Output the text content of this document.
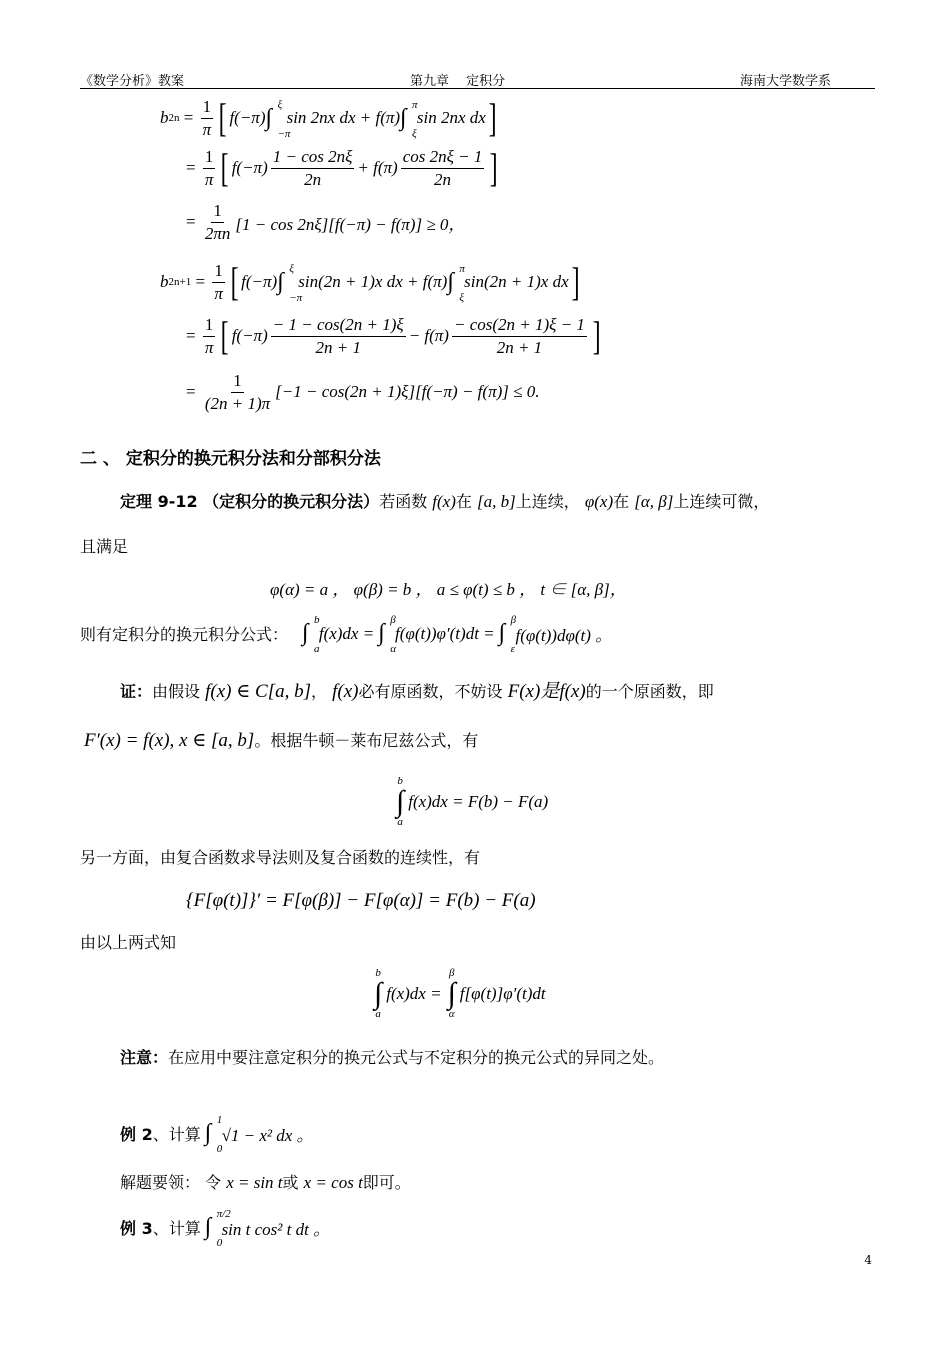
《数学分析》教案	第九章　 定积分	海南大学数学系
b $2n = \frac{1}{\pi}$ [ f(−π) ∫ ξ
−π

sin 2nx dx + f(π) ∫ π
ξ

sin 2nx dx ]
= $\frac{1}{\pi}$ [ $f(-\pi) \frac{1 - \cos 2n\xi}{2n} + f(\pi) \frac{\cos 2n\xi - 1}{2n}$ ]
= $\frac{1}{2\pi n} [1 - \cos 2n\xi][f(-\pi) - f(\pi)] \ge 0$，
b $2n+1 = \frac{1}{\pi}$ [ f(−π) ∫ ξ
−π

sin(2n + 1)x dx + f(π) ∫ π
ξ

sin(2n + 1)x dx ]
= $\frac{1}{\pi}$ [ $f(-\pi) \frac{- 1 - \cos(2n + 1)\xi}{2n + 1} - f(\pi) \frac{- \cos(2n + 1)\xi - 1}{2n + 1}$ ]
= $\frac{1}{(2n + 1)\pi} [-1 - \cos(2n + 1)\xi][f(-\pi) - f(\pi)] \le 0$.
二 、 定积分的换元积分法和分部积分法
定理 9-12 （定积分的换元积分法）若函数 f(x)在 [a, b]上连续， φ(x)在 [α, β]上连续可微，
且满足
φ(α) = a ， φ(β) = b ， a ≤ φ(t) ≤ b ， t ∈ [α, β]，
则有定积分的换元积分公式： ∫ b
a

f(x)dx = ∫ β
α

f(φ(t))φ′(t)dt = ∫ β
ε

f(φ(t))dφ(t) 。
证：由假设 f(x) ∈ C[a, b]， f(x)必有原函数，不妨设 F(x)是f(x)的一个原函数，即
F′(x) = f(x), x ∈ [a, b]。根据牛顿－莱布尼兹公式，有
b
∫
a
f(x)dx = F(b) − F(a)
另一方面，由复合函数求导法则及复合函数的连续性，有
{F[φ(t)]}′ = F[φ(β)] − F[φ(α)] = F(b) − F(a)
由以上两式知
b
∫
a
f(x)dx =
β
∫
α
f[φ(t)]φ′(t)dt
注意：在应用中要注意定积分的换元公式与不定积分的换元公式的异同之处。
例 2 、计算 ∫ 1
0

√1 − x² dx 。
解题要领： 令 x = sin t或 x = cos t即可。
例 3 、计算 ∫ π/2
0

sin t cos² t dt 。
4
